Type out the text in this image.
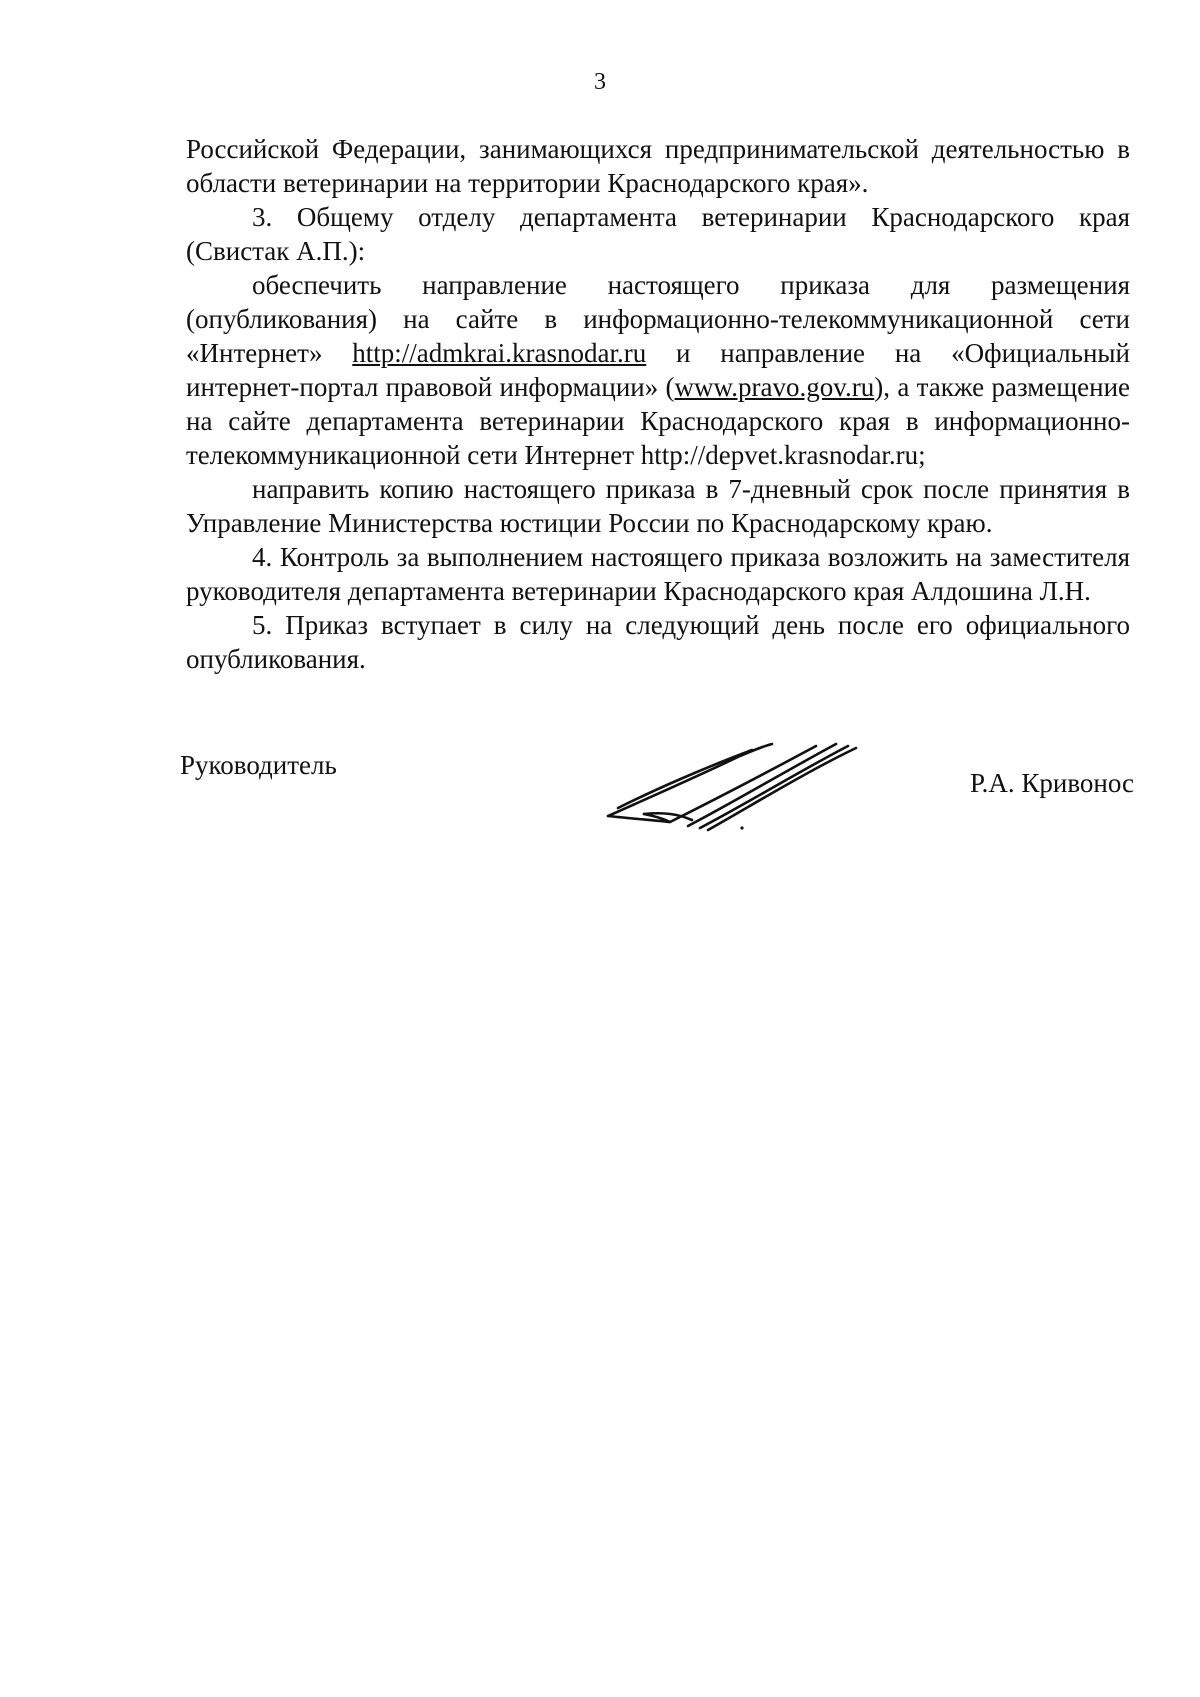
3

Российской Федерации, занимающихся предпринимательской деятельностью в области ветеринарии на территории Краснодарского края».

3. Общему отделу департамента ветеринарии Краснодарского края (Свистак А.П.):

обеспечить направление настоящего приказа для размещения (опубликования) на сайте в информационно-телекоммуникационной сети «Интернет» http://admkrai.krasnodar.ru и направление на «Официальный интернет-портал правовой информации» (www.pravo.gov.ru), а также размещение на сайте департамента ветеринарии Краснодарского края в информационно-телекоммуникационной сети Интернет http://depvet.krasnodar.ru;

направить копию настоящего приказа в 7-дневный срок после принятия в Управление Министерства юстиции России по Краснодарскому краю.

4. Контроль за выполнением настоящего приказа возложить на заместителя руководителя департамента ветеринарии Краснодарского края Алдошина Л.Н.

5. Приказ вступает в силу на следующий день после его официального опубликования.

Руководитель
Р.А. Кривонос
